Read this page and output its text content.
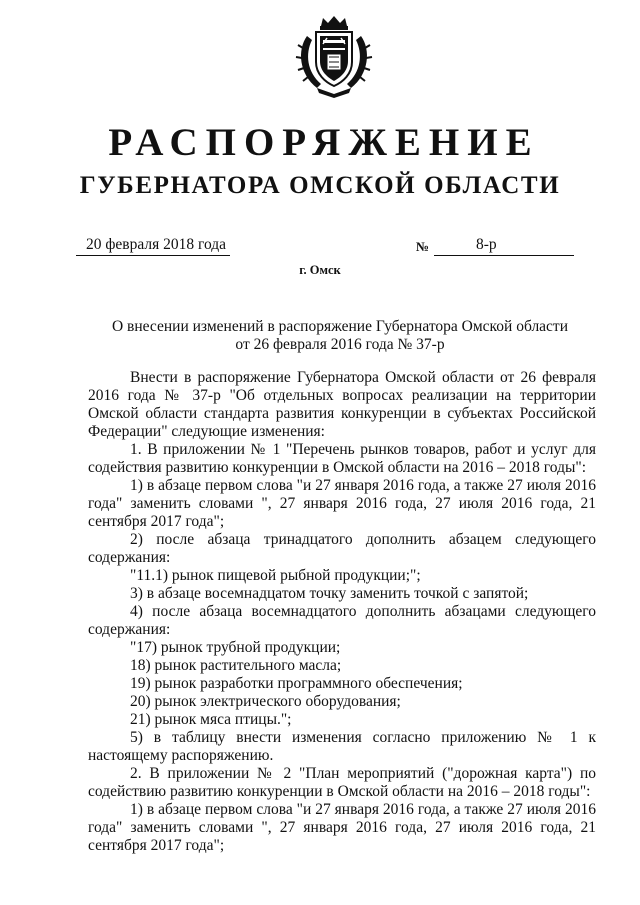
РАСПОРЯЖЕНИЕ
ГУБЕРНАТОРА ОМСКОЙ ОБЛАСТИ
20 февраля 2018 года	№	8-р
г. Омск
О внесении изменений в распоряжение Губернатора Омской области
от 26 февраля 2016 года № 37-р

Внести в распоряжение Губернатора Омской области от 26 февраля 2016 года № 37-р "Об отдельных вопросах реализации на территории Омской области стандарта развития конкуренции в субъектах Российской Федерации" следующие изменения:

1. В приложении № 1 "Перечень рынков товаров, работ и услуг для содействия развитию конкуренции в Омской области на 2016 – 2018 годы":

1) в абзаце первом слова "и 27 января 2016 года, а также 27 июля 2016 года" заменить словами ", 27 января 2016 года, 27 июля 2016 года, 21 сентября 2017 года";

2) после абзаца тринадцатого дополнить абзацем следующего содержания:

"11.1) рынок пищевой рыбной продукции;";

3) в абзаце восемнадцатом точку заменить точкой с запятой;

4) после абзаца восемнадцатого дополнить абзацами следующего содержания:

"17) рынок трубной продукции;

18) рынок растительного масла;

19) рынок разработки программного обеспечения;

20) рынок электрического оборудования;

21) рынок мяса птицы.";

5) в таблицу внести изменения согласно приложению № 1 к настоящему распоряжению.

2. В приложении № 2 "План мероприятий ("дорожная карта") по содействию развитию конкуренции в Омской области на 2016 – 2018 годы":

1) в абзаце первом слова "и 27 января 2016 года, а также 27 июля 2016 года" заменить словами ", 27 января 2016 года, 27 июля 2016 года, 21 сентября 2017 года";
